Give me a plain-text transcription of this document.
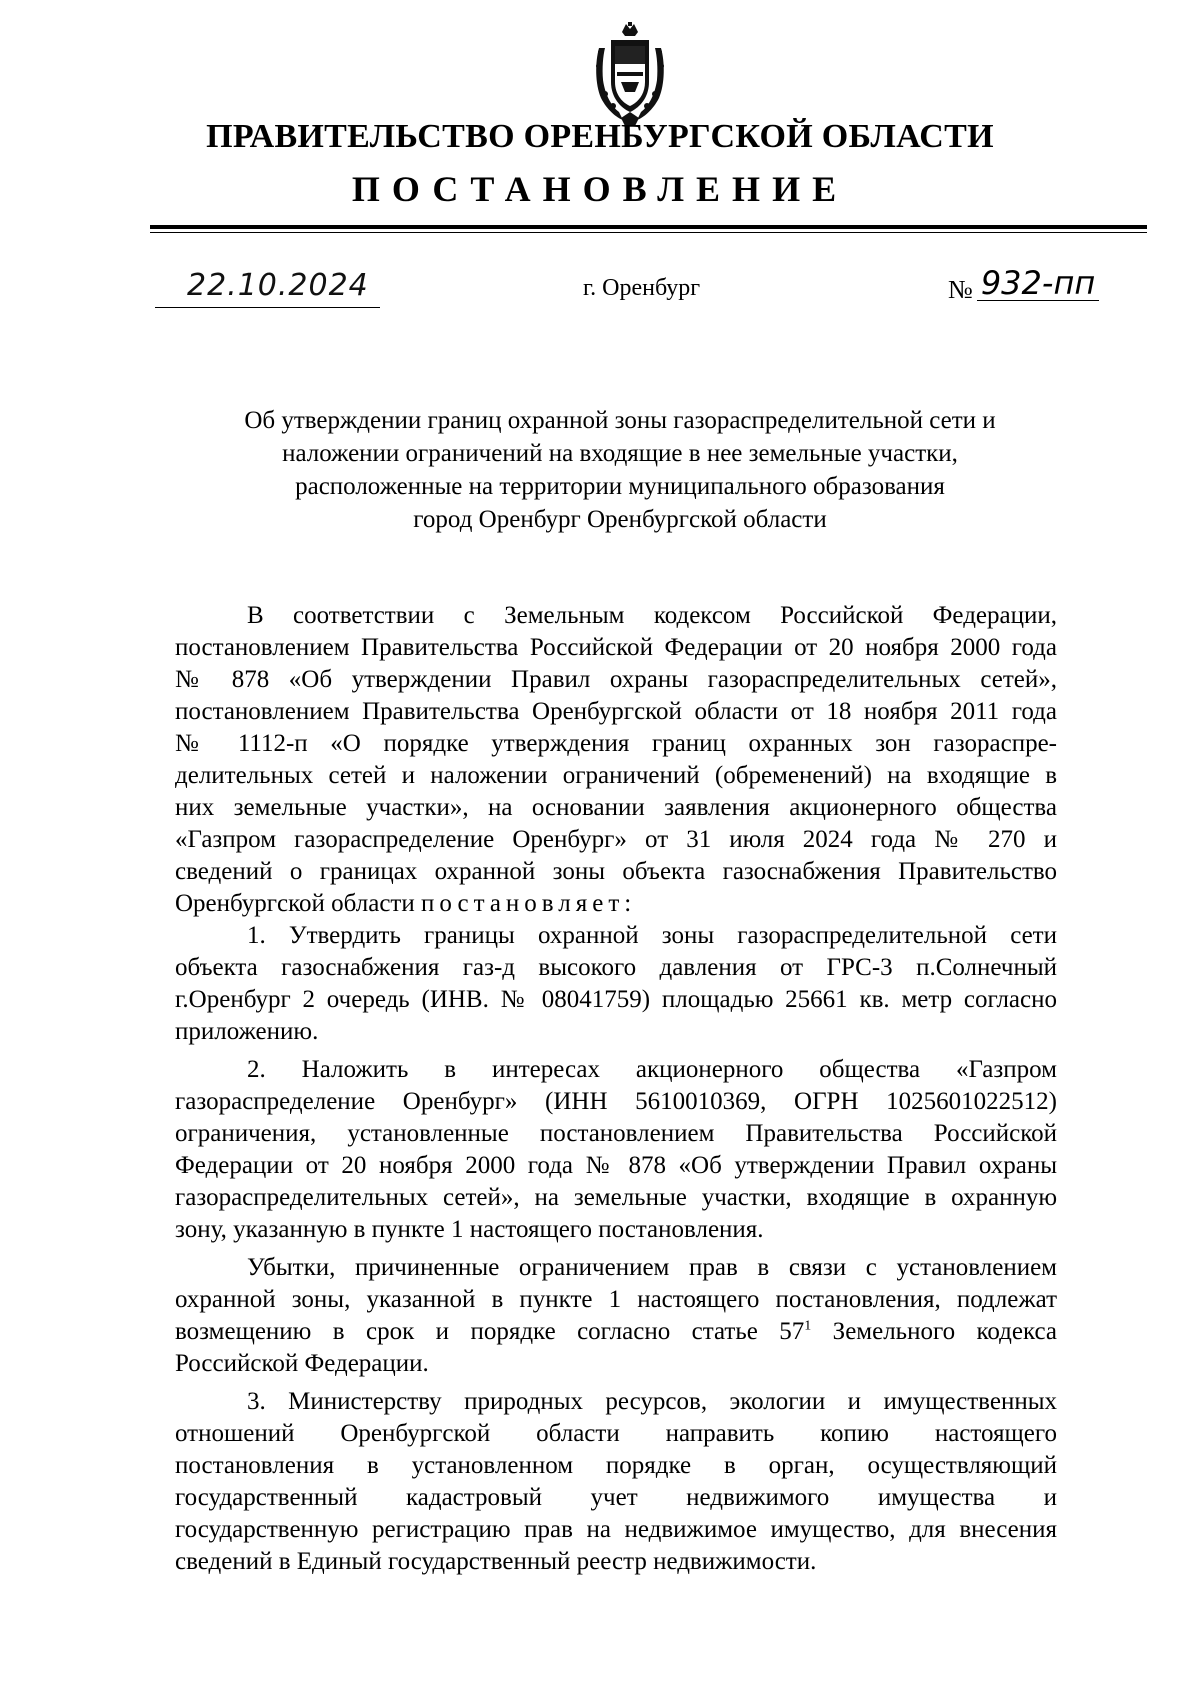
ПРАВИТЕЛЬСТВО ОРЕНБУРГСКОЙ ОБЛАСТИ
ПОСТАНОВЛЕНИЕ
22.10.2024	г. Оренбург	№ 932-пп
Об утверждении границ охранной зоны газораспределительной сети и
наложении ограничений на входящие в нее земельные участки,
расположенные на территории муниципального образования
город Оренбург Оренбургской области
В соответствии с Земельным кодексом Российской Федерации,
постановлением Правительства Российской Федерации от 20 ноября 2000 года
№ 878 «Об утверждении Правил охраны газораспределительных сетей»,
постановлением Правительства Оренбургской области от 18 ноября 2011 года
№ 1112-п «О порядке утверждения границ охранных зон газораспре-
делительных сетей и наложении ограничений (обременений) на входящие в
них земельные участки», на основании заявления акционерного общества
«Газпром газораспределение Оренбург» от 31 июля 2024 года № 270 и
сведений о границах охранной зоны объекта газоснабжения Правительство
Оренбургской области постановляет:
1. Утвердить границы охранной зоны газораспределительной сети
объекта газоснабжения газ-д высокого давления от ГРС-3 п.Солнечный
г.Оренбург 2 очередь (ИНВ. № 08041759) площадью 25661 кв. метр согласно
приложению.
2. Наложить в интересах акционерного общества «Газпром
газораспределение Оренбург» (ИНН 5610010369, ОГРН 1025601022512)
ограничения, установленные постановлением Правительства Российской
Федерации от 20 ноября 2000 года № 878 «Об утверждении Правил охраны
газораспределительных сетей», на земельные участки, входящие в охранную
зону, указанную в пункте 1 настоящего постановления.
Убытки, причиненные ограничением прав в связи с установлением
охранной зоны, указанной в пункте 1 настоящего постановления, подлежат
возмещению в срок и порядке согласно статье $57^1$ Земельного кодекса
Российской Федерации.
3. Министерству природных ресурсов, экологии и имущественных
отношений Оренбургской области направить копию настоящего
постановления в установленном порядке в орган, осуществляющий
государственный кадастровый учет недвижимого имущества и
государственную регистрацию прав на недвижимое имущество, для внесения
сведений в Единый государственный реестр недвижимости.
